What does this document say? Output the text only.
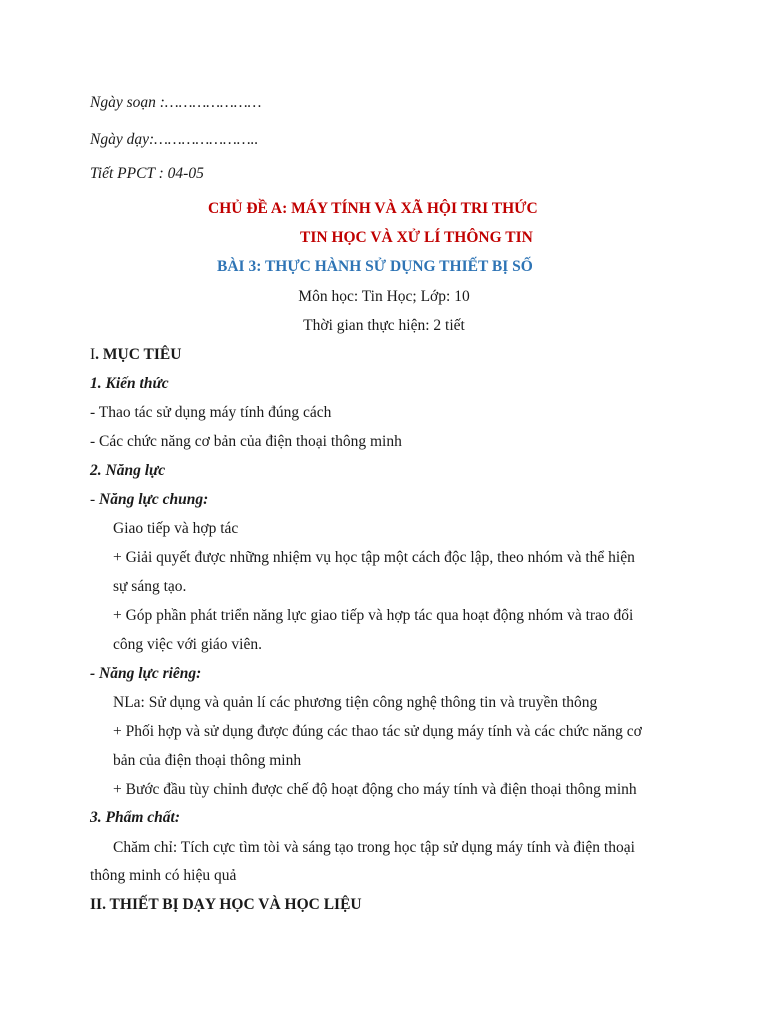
Ngày soạn :…………………
Ngày dạy:…………………..
Tiết PPCT : 04-05
CHỦ ĐỀ A: MÁY TÍNH VÀ XÃ HỘI TRI THỨC
TIN HỌC VÀ XỬ LÍ THÔNG TIN
BÀI 3: THỰC HÀNH SỬ DỤNG THIẾT BỊ SỐ
Môn học: Tin Học; Lớp: 10
Thời gian thực hiện: 2 tiết
I. MỤC TIÊU
1. Kiến thức
- Thao tác sử dụng máy tính đúng cách
- Các chức năng cơ bản của điện thoại thông minh
2. Năng lực
- Năng lực chung:
Giao tiếp và hợp tác
+ Giải quyết được những nhiệm vụ học tập một cách độc lập, theo nhóm và thể hiện
sự sáng tạo.
+ Góp phần phát triển năng lực giao tiếp và hợp tác qua hoạt động nhóm và trao đổi
công việc với giáo viên.
- Năng lực riêng:
NLa: Sử dụng và quản lí các phương tiện công nghệ thông tin và truyền thông
+ Phối hợp và sử dụng được đúng các thao tác sử dụng máy tính và các chức năng cơ
bản của điện thoại thông minh
+ Bước đầu tùy chỉnh được chế độ hoạt động cho máy tính và điện thoại thông minh
3. Phẩm chất:
Chăm chỉ: Tích cực tìm tòi và sáng tạo trong học tập sử dụng máy tính và điện thoại
thông minh có hiệu quả
II. THIẾT BỊ DẠY HỌC VÀ HỌC LIỆU
